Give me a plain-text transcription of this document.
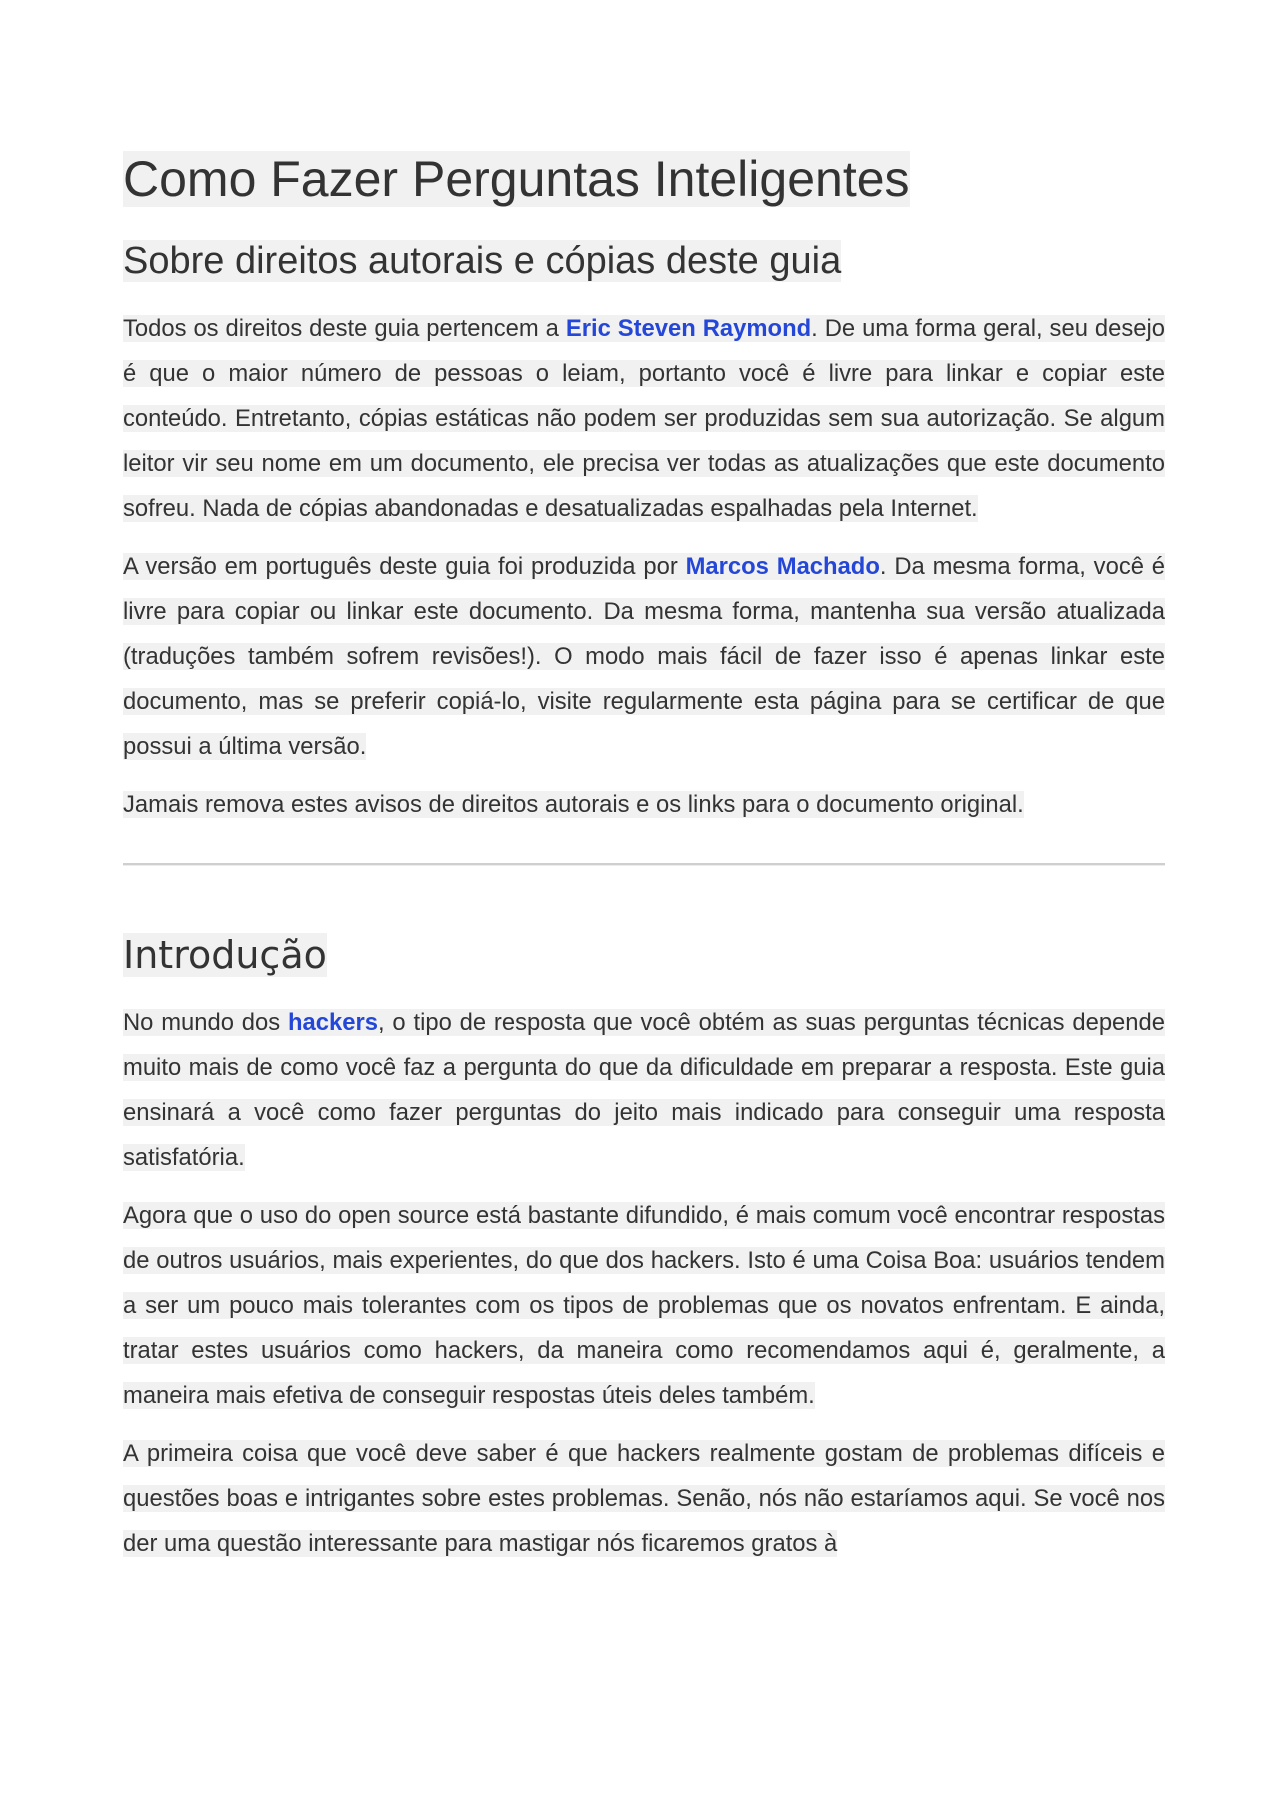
Como Fazer Perguntas Inteligentes
Sobre direitos autorais e cópias deste guia

Todos os direitos deste guia pertencem a Eric Steven Raymond. De uma forma geral, seu desejo é que o maior número de pessoas o leiam, portanto você é livre para linkar e copiar este conteúdo. Entretanto, cópias estáticas não podem ser produzidas sem sua autorização. Se algum leitor vir seu nome em um documento, ele precisa ver todas as atualizações que este documento sofreu. Nada de cópias abandonadas e desatualizadas espalhadas pela Internet.

A versão em português deste guia foi produzida por Marcos Machado. Da mesma forma, você é livre para copiar ou linkar este documento. Da mesma forma, mantenha sua versão atualizada (traduções também sofrem revisões!). O modo mais fácil de fazer isso é apenas linkar este documento, mas se preferir copiá-lo, visite regularmente esta página para se certificar de que possui a última versão.

Jamais remova estes avisos de direitos autorais e os links para o documento original.

Introdução

No mundo dos hackers, o tipo de resposta que você obtém as suas perguntas técnicas depende muito mais de como você faz a pergunta do que da dificuldade em preparar a resposta. Este guia ensinará a você como fazer perguntas do jeito mais indicado para conseguir uma resposta satisfatória.

Agora que o uso do open source está bastante difundido, é mais comum você encontrar respostas de outros usuários, mais experientes, do que dos hackers. Isto é uma Coisa Boa: usuários tendem a ser um pouco mais tolerantes com os tipos de problemas que os novatos enfrentam. E ainda, tratar estes usuários como hackers, da maneira como recomendamos aqui é, geralmente, a maneira mais efetiva de conseguir respostas úteis deles também.

A primeira coisa que você deve saber é que hackers realmente gostam de problemas difíceis e questões boas e intrigantes sobre estes problemas. Senão, nós não estaríamos aqui. Se você nos der uma questão interessante para mastigar nós ficaremos gratos à
